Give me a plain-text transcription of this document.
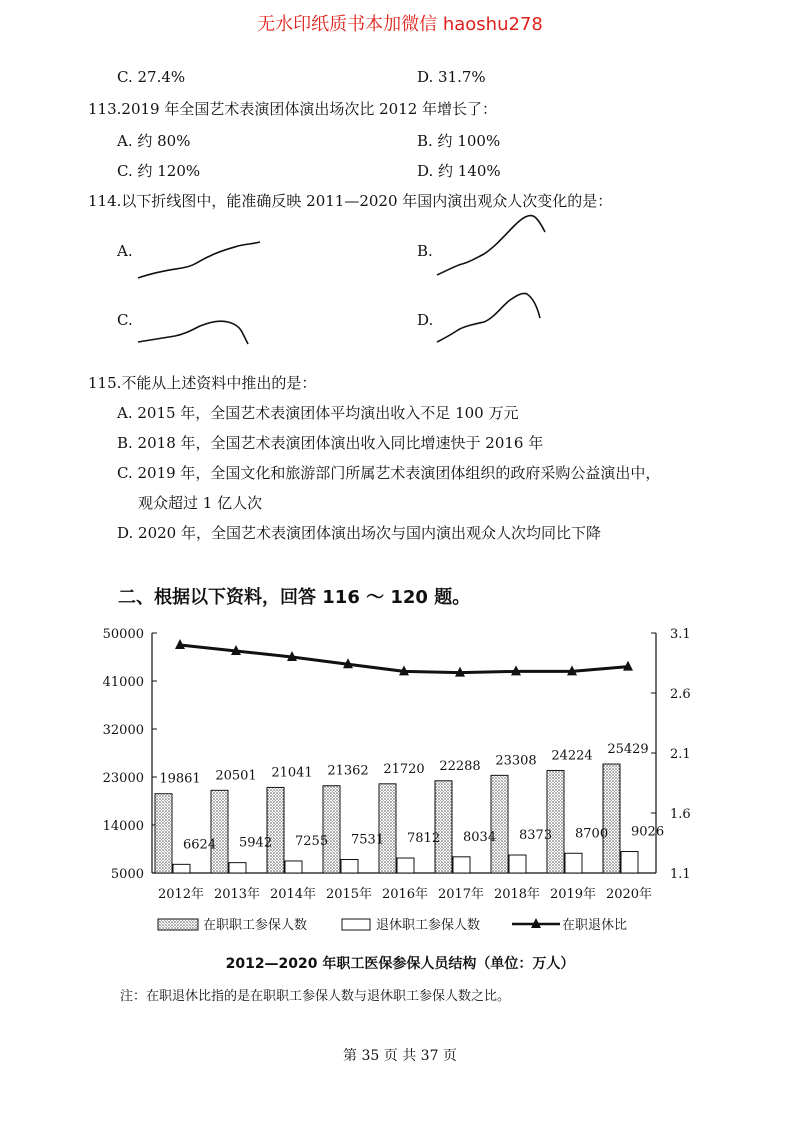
无水印纸质书本加微信 haoshu278
C. 27.4%	D. 31.7%
113.2019 年全国艺术表演团体演出场次比 2012 年增长了：
A. 约 80%	B. 约 100%
C. 约 120%	D. 约 140%
114.以下折线图中，能准确反映 2011—2020 年国内演出观众人次变化的是：
A.	B.
C.	D.
115.不能从上述资料中推出的是：
A. 2015 年，全国艺术表演团体平均演出收入不足 100 万元
B. 2018 年，全国艺术表演团体演出收入同比增速快于 2016 年
C. 2019 年，全国文化和旅游部门所属艺术表演团体组织的政府采购公益演出中，
观众超过 1 亿人次
D. 2020 年，全国艺术表演团体演出场次与国内演出观众人次均同比下降
二、根据以下资料，回答 116 ～ 120 题。
50000
41000
32000
23000
14000
5000
3.1
2.6
2.1
1.6
1.1
2012年
19861
6624
2013年
20501
5942
2014年
21041
7255
2015年
21362
7531
2016年
21720
7812
2017年
22288
8034
2018年
23308
8373
2019年
24224
8700
2020年
25429
9026
在职职工参保人数	退休职工参保人数	在职退休比
2012—2020 年职工医保参保人员结构（单位：万人）
注：在职退休比指的是在职职工参保人数与退休职工参保人数之比。
第 35 页 共 37 页
